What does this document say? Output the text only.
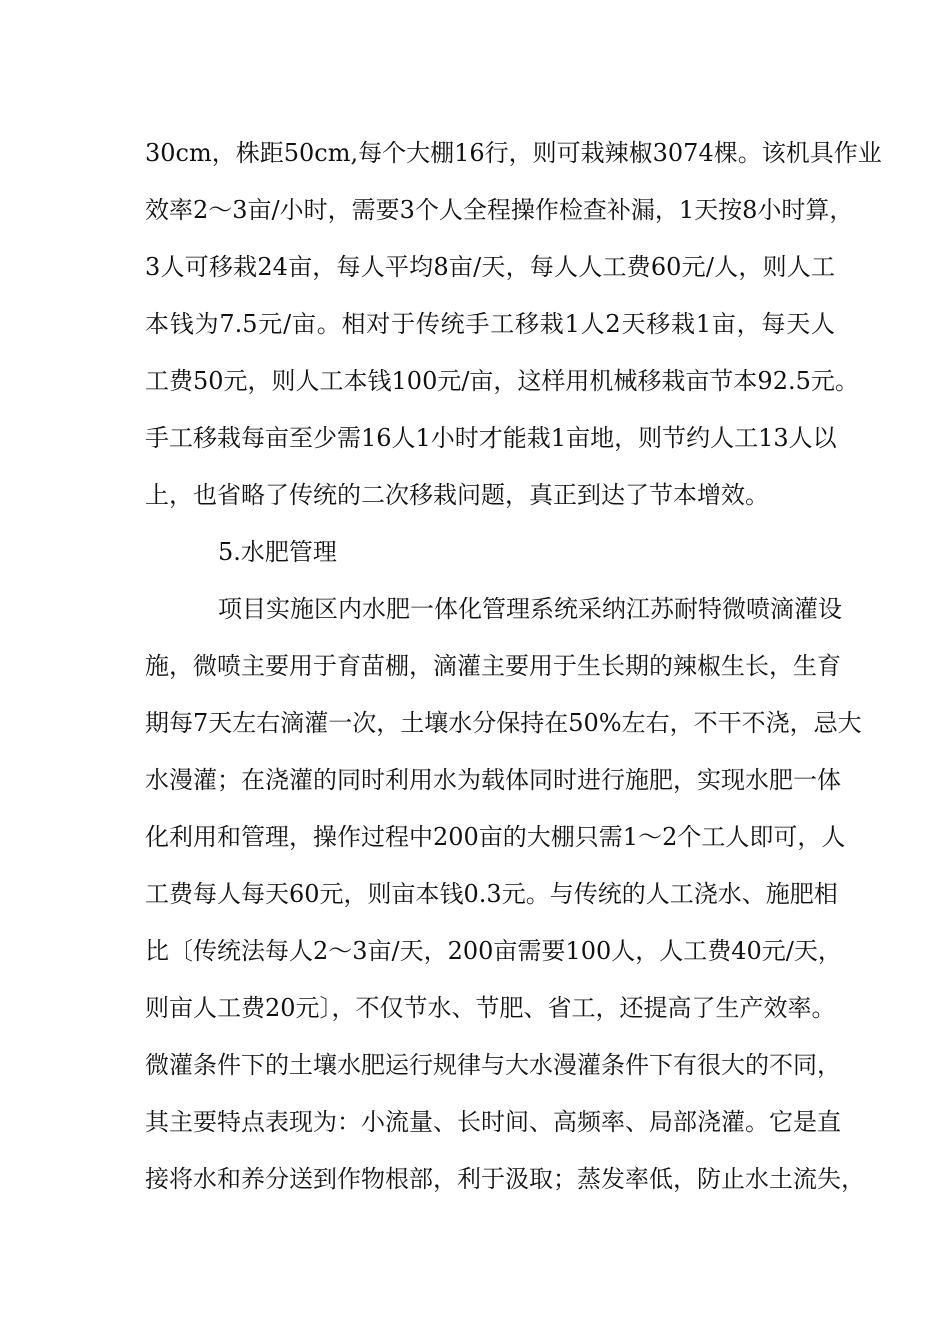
30cm，株距50cm,每个大棚16行，则可栽辣椒3074棵。该机具作业
效率2～3亩/小时，需要3个人全程操作检查补漏，1天按8小时算，
3人可移栽24亩，每人平均8亩/天，每人人工费60元/人，则人工
本钱为7.5元/亩。相对于传统手工移栽1人2天移栽1亩，每天人
工费50元，则人工本钱100元/亩，这样用机械移栽亩节本92.5元。
手工移栽每亩至少需16人1小时才能栽1亩地，则节约人工13人以
上，也省略了传统的二次移栽问题，真正到达了节本增效。
5.水肥管理
项目实施区内水肥一体化管理系统采纳江苏耐特微喷滴灌设
施，微喷主要用于育苗棚，滴灌主要用于生长期的辣椒生长，生育
期每7天左右滴灌一次，土壤水分保持在50%左右，不干不浇，忌大
水漫灌；在浇灌的同时利用水为载体同时进行施肥，实现水肥一体
化利用和管理，操作过程中200亩的大棚只需1～2个工人即可，人
工费每人每天60元，则亩本钱0.3元。与传统的人工浇水、施肥相
比〔传统法每人2～3亩/天，200亩需要100人，人工费40元/天，
则亩人工费20元〕，不仅节水、节肥、省工，还提高了生产效率。
微灌条件下的土壤水肥运行规律与大水漫灌条件下有很大的不同，
其主要特点表现为：小流量、长时间、高频率、局部浇灌。它是直
接将水和养分送到作物根部，利于汲取；蒸发率低，防止水土流失，
